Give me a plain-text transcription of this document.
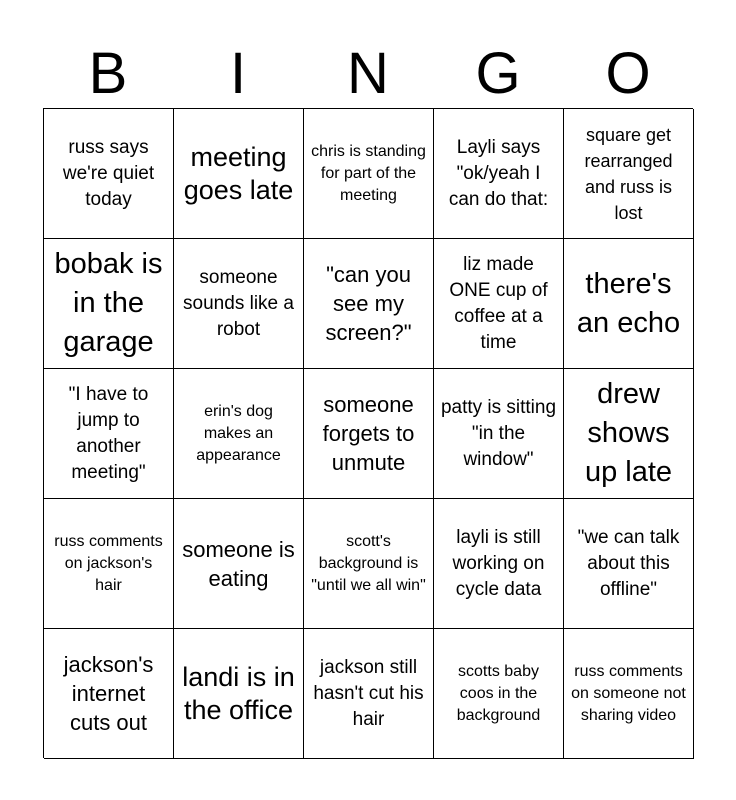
B	I	N	G	O
russ says we're quiet today
meeting goes late
chris is standing for part of the meeting
Layli says "ok/yeah I can do that:
square get rearranged and russ is lost
bobak is in the garage
someone sounds like a robot
"can you see my screen?"
liz made ONE cup of coffee at a time
there's an echo
"I have to jump to another meeting"
erin's dog makes an appearance
someone forgets to unmute
patty is sitting "in the window"
drew shows up late
russ comments on jackson's hair
someone is eating
scott's background is "until we all win"
layli is still working on cycle data
"we can talk about this offline"
jackson's internet cuts out
landi is in the office
jackson still hasn't cut his hair
scotts baby coos in the background
russ comments on someone not sharing video
